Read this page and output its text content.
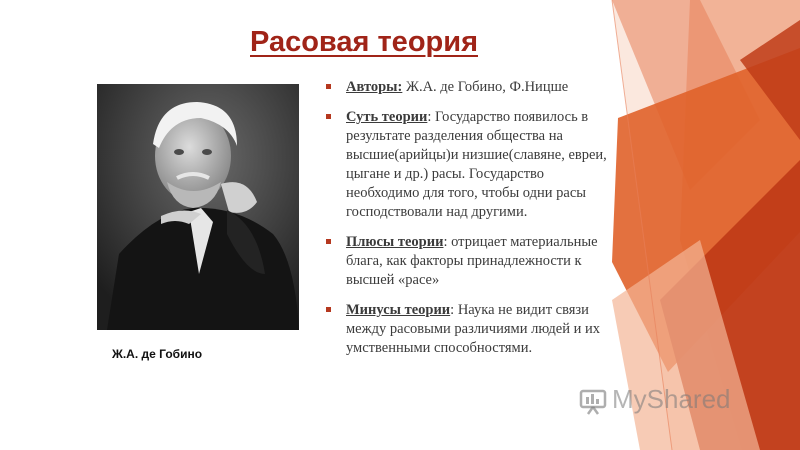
Расовая теория
Ж.А. де Гобино
Авторы: Ж.А. де Гобино, Ф.Ницше
Суть теории: Государство появилось в результате разделения общества на высшие(арийцы)и низшие(славяне, евреи, цыгане и др.) расы. Государство необходимо для того, чтобы одни расы господствовали над другими.
Плюсы теории: отрицает материальные блага, как факторы принадлежности к высшей «расе»
Минусы теории: Наука не видит связи между расовыми различиями людей и их умственными способностями.
MyShared
